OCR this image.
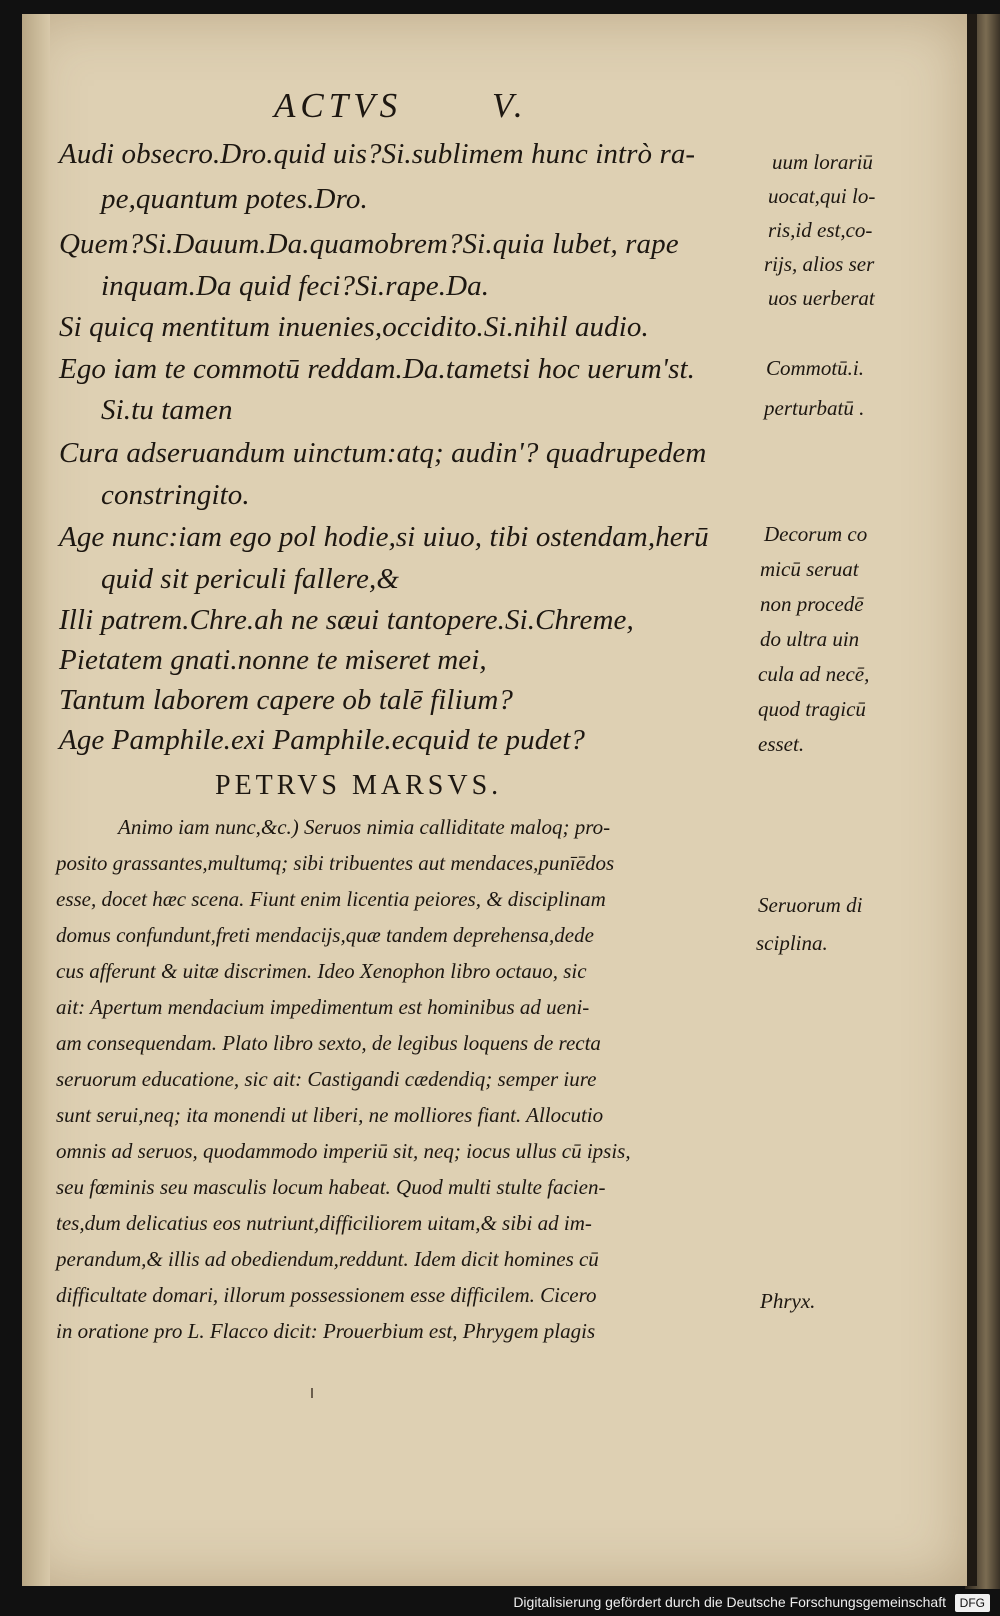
ACTVS	V.
Audi obsecro.Dro.quid uis?Si.sublimem hunc intrò ra-
pe,quantum potes.Dro.
Quem?Si.Dauum.Da.quamobrem?Si.quia lubet, rape
inquam.Da quid feci?Si.rape.Da.
Si quicq mentitum inuenies,occidito.Si.nihil audio.
Ego iam te commotū reddam.Da.tametsi hoc uerum'st.
Si.tu tamen
Cura adseruandum uinctum:atq; audin'? quadrupedem
constringito.
Age nunc:iam ego pol hodie,si uiuo, tibi ostendam,herū
quid sit periculi fallere,&
Illi patrem.Chre.ah ne sæui tantopere.Si.Chreme,
Pietatem gnati.nonne te miseret mei,
Tantum laborem capere ob talē filium?
Age Pamphile.exi Pamphile.ecquid te pudet?
uum lorariū
uocat,qui lo-
ris,id est,co-
rijs, alios ser
uos uerberat
Commotū.i.
perturbatū .
Decorum co
micū seruat
non procedē
do ultra uin
cula ad necē,
quod tragicū
esset.
PETRVS MARSVS.
Animo iam nunc,&c.) Seruos nimia calliditate maloq; pro-
posito grassantes,multumq; sibi tribuentes aut mendaces,punīēdos
esse, docet hæc scena. Fiunt enim licentia peiores, & disciplinam
domus confundunt,freti mendacijs,quæ tandem deprehensa,dede
cus afferunt & uitæ discrimen. Ideo Xenophon libro octauo, sic
ait: Apertum mendacium impedimentum est hominibus ad ueni-
am consequendam. Plato libro sexto, de legibus loquens de recta
seruorum educatione, sic ait: Castigandi cædendiq; semper iure
sunt serui,neq; ita monendi ut liberi, ne molliores fiant. Allocutio
omnis ad seruos, quodammodo imperiū sit, neq; iocus ullus cū ipsis,
seu fœminis seu masculis locum habeat. Quod multi stulte facien-
tes,dum delicatius eos nutriunt,difficiliorem uitam,& sibi ad im-
perandum,& illis ad obediendum,reddunt. Idem dicit homines cū
difficultate domari, illorum possessionem esse difficilem. Cicero
in oratione pro L. Flacco dicit: Prouerbium est, Phrygem plagis
Seruorum di
sciplina.
Phryx.
Digitalisierung gefördert durch die Deutsche Forschungsgemeinschaft	DFG
